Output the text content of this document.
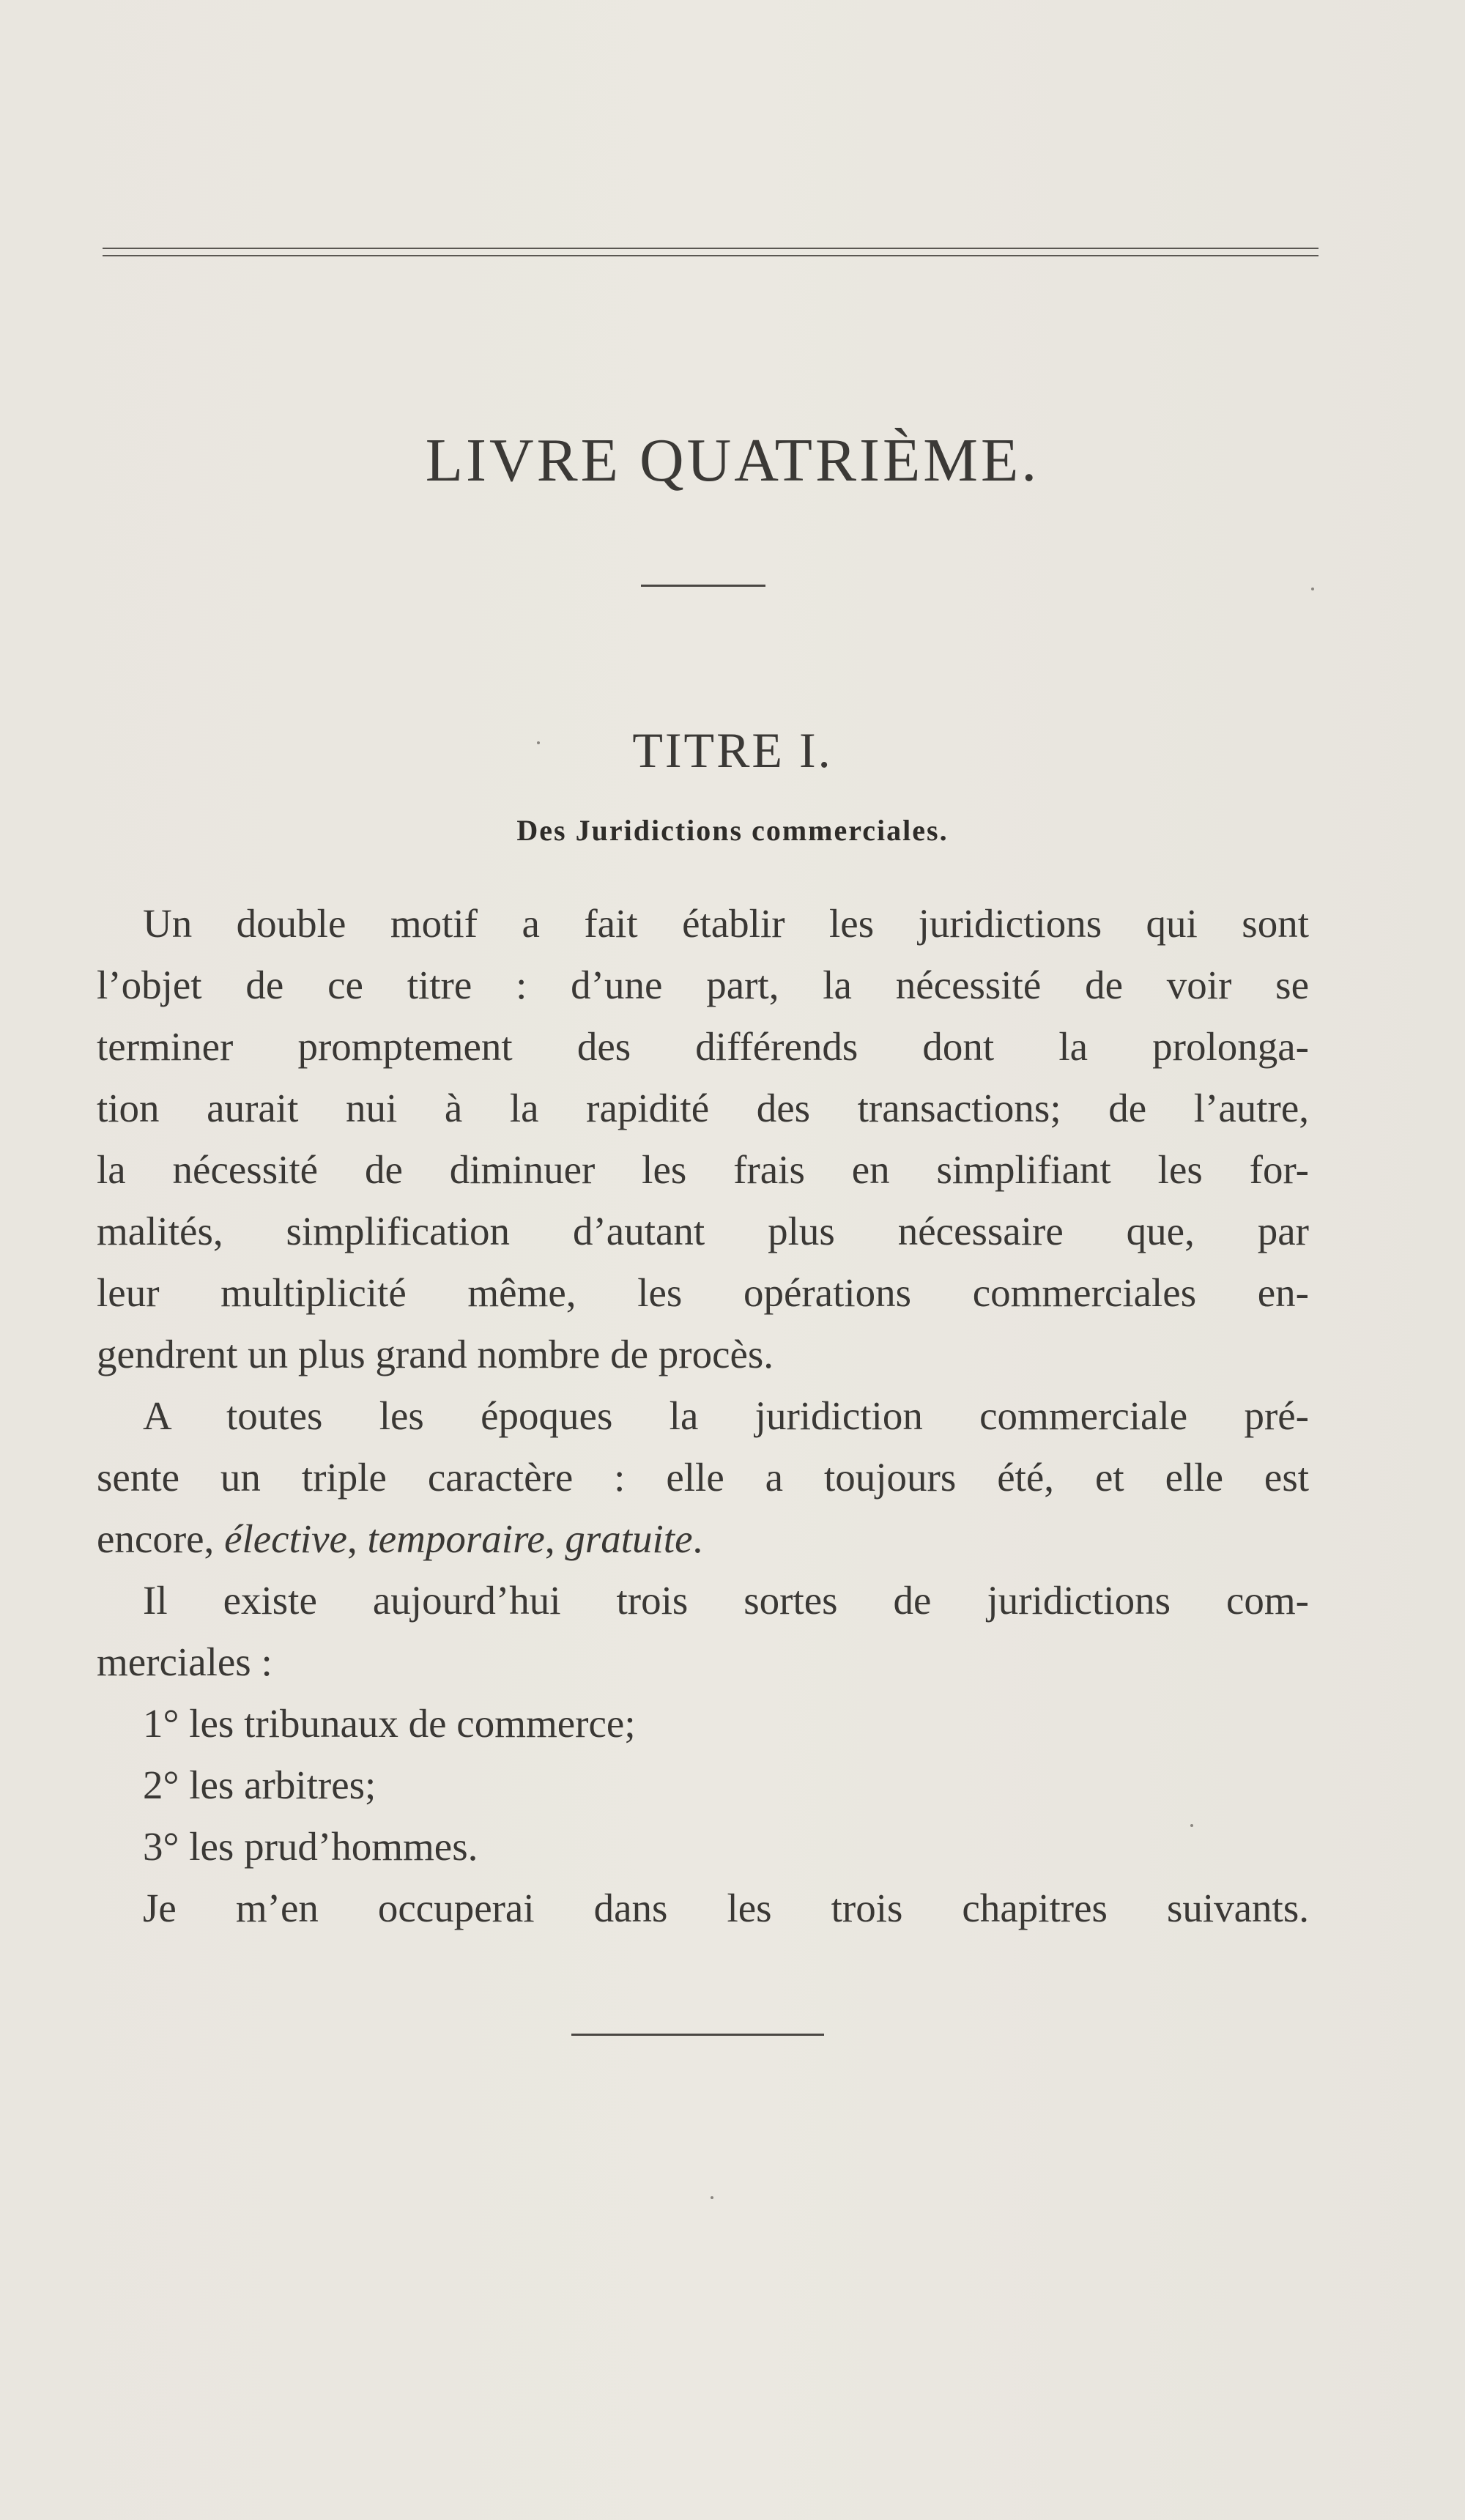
LIVRE QUATRIÈME.
TITRE I.
Des Juridictions commerciales.
Un double motif a fait établir les juridictions qui sont
l’objet de ce titre : d’une part, la nécessité de voir se
terminer promptement des différends dont la prolonga-
tion aurait nui à la rapidité des transactions; de l’autre,
la nécessité de diminuer les frais en simplifiant les for-
malités, simplification d’autant plus nécessaire que, par
leur multiplicité même, les opérations commerciales en-
gendrent un plus grand nombre de procès.
A toutes les époques la juridiction commerciale pré-
sente un triple caractère : elle a toujours été, et elle est
encore, élective, temporaire, gratuite.
Il existe aujourd’hui trois sortes de juridictions com-
merciales :
1° les tribunaux de commerce;
2° les arbitres;
3° les prud’hommes.
Je m’en occuperai dans les trois chapitres suivants.
